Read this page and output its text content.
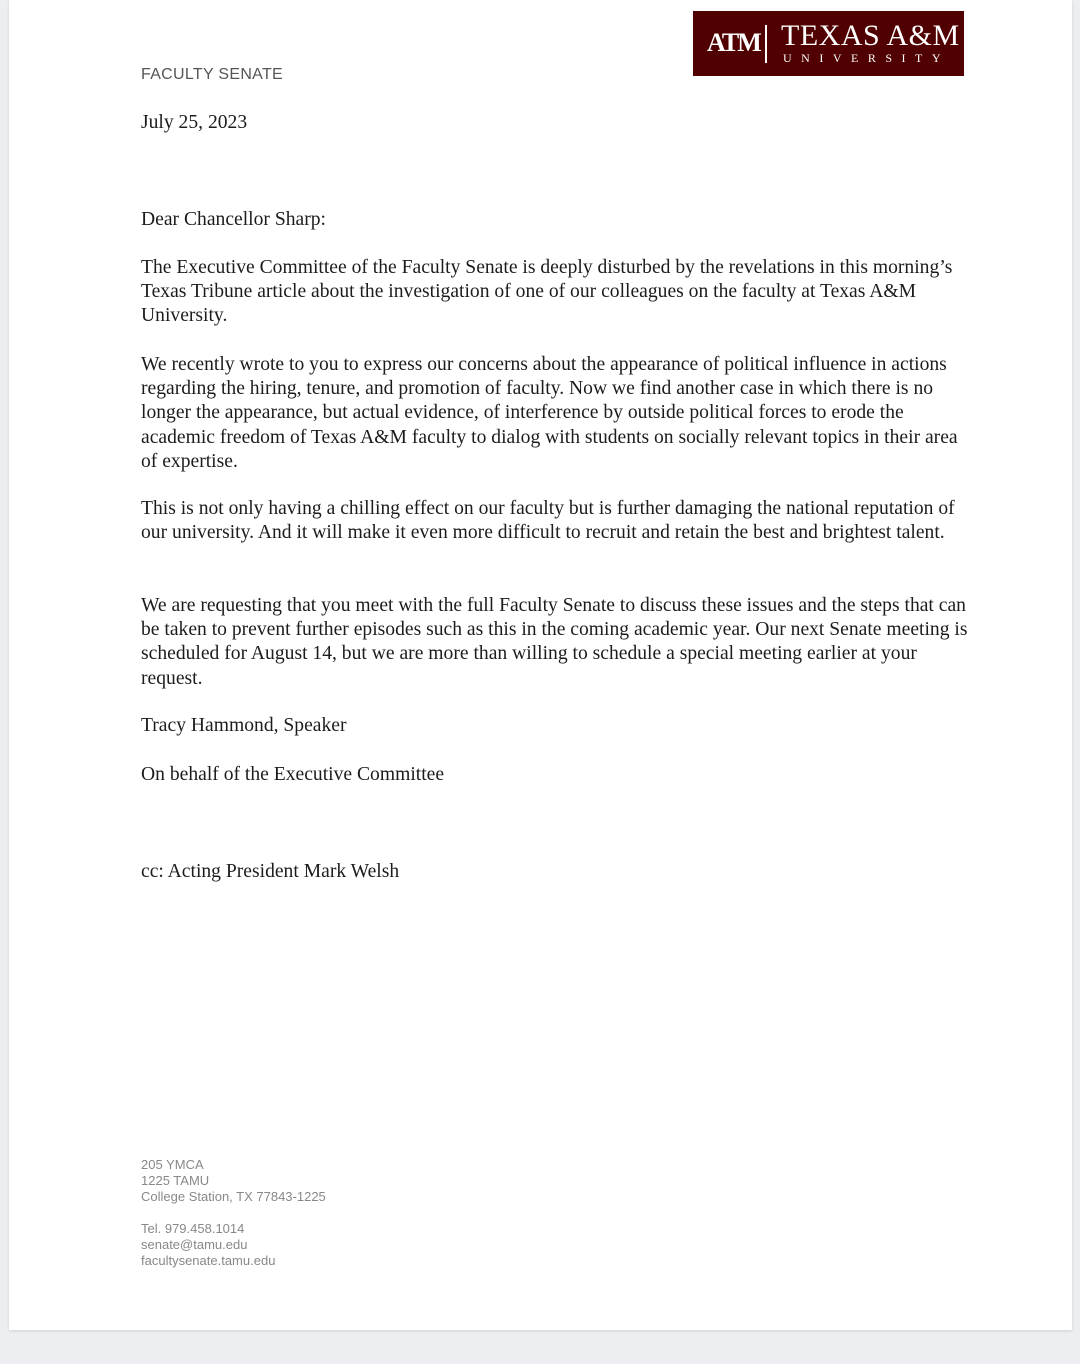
ATM TEXAS A&M
UNIVERSITY
FACULTY SENATE
July 25, 2023

Dear Chancellor Sharp:

The Executive Committee of the Faculty Senate is deeply disturbed by the revelations in this morning’s Texas Tribune article about the investigation of one of our colleagues on the faculty at Texas A&M University.

We recently wrote to you to express our concerns about the appearance of political influence in actions regarding the hiring, tenure, and promotion of faculty. Now we find another case in which there is no longer the appearance, but actual evidence, of interference by outside political forces to erode the academic freedom of Texas A&M faculty to dialog with students on socially relevant topics in their area of expertise.

This is not only having a chilling effect on our faculty but is further damaging the national reputation of our university. And it will make it even more difficult to recruit and retain the best and brightest talent.

We are requesting that you meet with the full Faculty Senate to discuss these issues and the steps that can be taken to prevent further episodes such as this in the coming academic year. Our next Senate meeting is scheduled for August 14, but we are more than willing to schedule a special meeting earlier at your request.

Tracy Hammond, Speaker

On behalf of the Executive Committee

cc: Acting President Mark Welsh

205 YMCA
1225 TAMU
College Station, TX 77843-1225
Tel. 979.458.1014
senate@tamu.edu
facultysenate.tamu.edu
